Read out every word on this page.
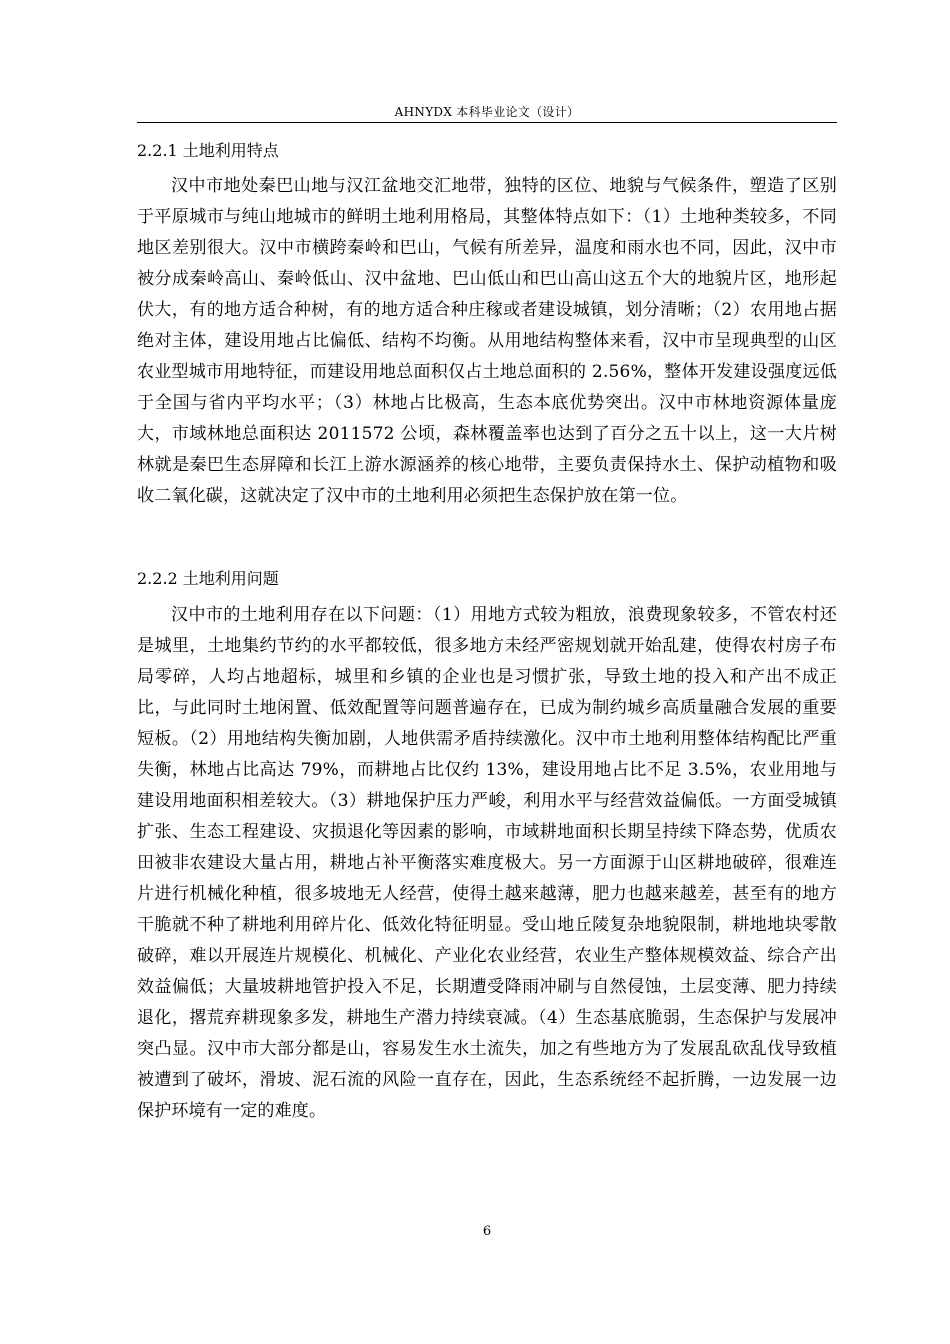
AHNYDX 本科毕业论文（设计）
2.2.1 土地利用特点

汉中市地处秦巴山地与汉江盆地交汇地带，独特的区位、地貌与气候条件，塑造了区别于平原城市与纯山地城市的鲜明土地利用格局，其整体特点如下：（1）土地种类较多，不同地区差别很大。汉中市横跨秦岭和巴山，气候有所差异，温度和雨水也不同，因此，汉中市被分成秦岭高山、秦岭低山、汉中盆地、巴山低山和巴山高山这五个大的地貌片区，地形起伏大，有的地方适合种树，有的地方适合种庄稼或者建设城镇，划分清晰；（2）农用地占据绝对主体，建设用地占比偏低、结构不均衡。从用地结构整体来看，汉中市呈现典型的山区农业型城市用地特征，而建设用地总面积仅占土地总面积的 2.56%，整体开发建设强度远低于全国与省内平均水平；（3）林地占比极高，生态本底优势突出。汉中市林地资源体量庞大，市域林地总面积达 2011572 公顷，森林覆盖率也达到了百分之五十以上，这一大片树林就是秦巴生态屏障和长江上游水源涵养的核心地带，主要负责保持水土、保护动植物和吸收二氧化碳，这就决定了汉中市的土地利用必须把生态保护放在第一位。

2.2.2 土地利用问题

汉中市的土地利用存在以下问题：（1）用地方式较为粗放，浪费现象较多，不管农村还是城里，土地集约节约的水平都较低，很多地方未经严密规划就开始乱建，使得农村房子布局零碎，人均占地超标，城里和乡镇的企业也是习惯扩张，导致土地的投入和产出不成正比，与此同时土地闲置、低效配置等问题普遍存在，已成为制约城乡高质量融合发展的重要短板。（2）用地结构失衡加剧，人地供需矛盾持续激化。汉中市土地利用整体结构配比严重失衡，林地占比高达 79%，而耕地占比仅约 13%，建设用地占比不足 3.5%，农业用地与建设用地面积相差较大。（3）耕地保护压力严峻，利用水平与经营效益偏低。一方面受城镇扩张、生态工程建设、灾损退化等因素的影响，市域耕地面积长期呈持续下降态势，优质农田被非农建设大量占用，耕地占补平衡落实难度极大。另一方面源于山区耕地破碎，很难连片进行机械化种植，很多坡地无人经营，使得土越来越薄，肥力也越来越差，甚至有的地方干脆就不种了耕地利用碎片化、低效化特征明显。受山地丘陵复杂地貌限制，耕地地块零散破碎，难以开展连片规模化、机械化、产业化农业经营，农业生产整体规模效益、综合产出效益偏低；大量坡耕地管护投入不足，长期遭受降雨冲刷与自然侵蚀，土层变薄、肥力持续退化，撂荒弃耕现象多发，耕地生产潜力持续衰减。（4）生态基底脆弱，生态保护与发展冲突凸显。汉中市大部分都是山，容易发生水土流失，加之有些地方为了发展乱砍乱伐导致植被遭到了破坏，滑坡、泥石流的风险一直存在，因此，生态系统经不起折腾，一边发展一边保护环境有一定的难度。

6
